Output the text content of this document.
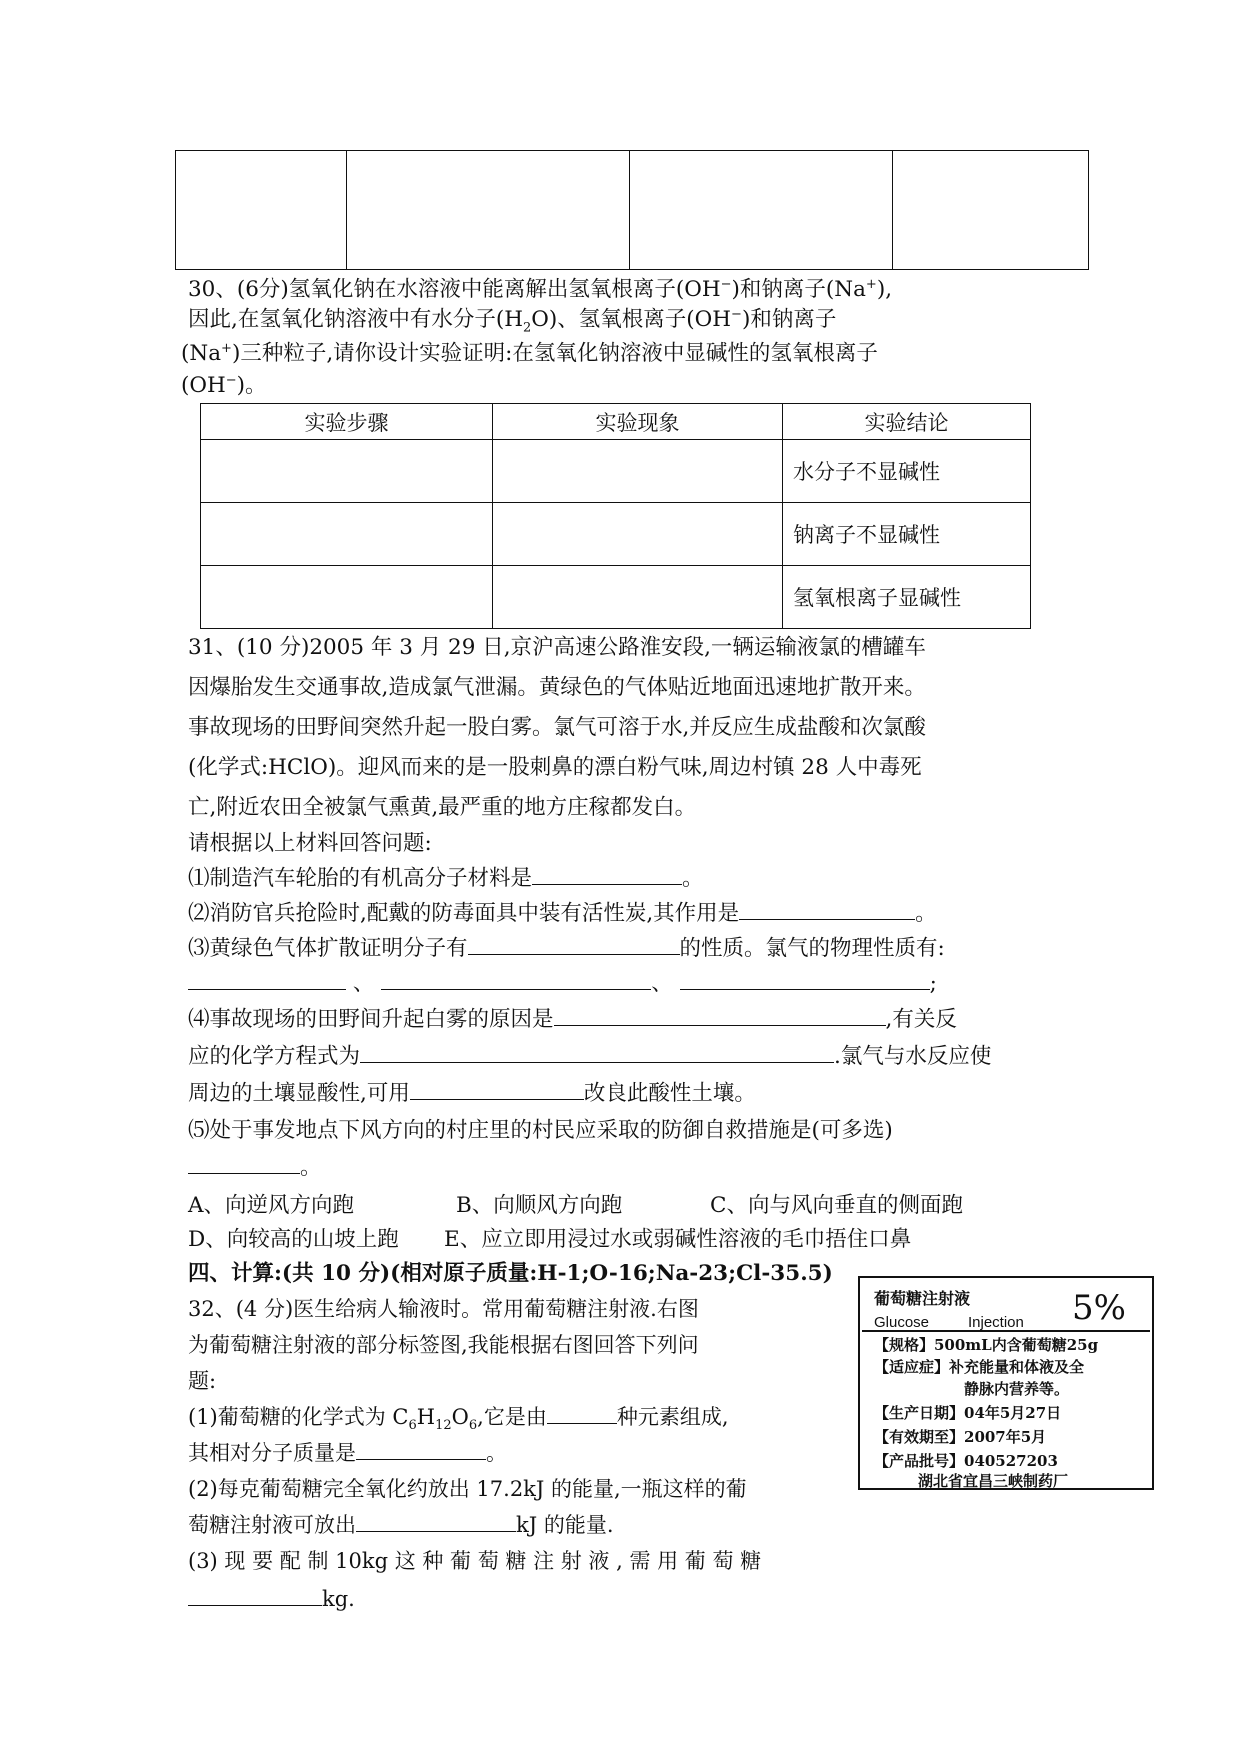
30、(6分)氢氧化钠在水溶液中能离解出氢氧根离子(OH−)和钠离子(Na+),
因此,在氢氧化钠溶液中有水分子$(H_2O)$、氢氧根离子(OH−)和钠离子
(Na+)三种粒子,请你设计实验证明:在氢氧化钠溶液中显碱性的氢氧根离子
(OH−)。
实验步骤	实验现象	实验结论
		水分子不显碱性
		钠离子不显碱性
		氢氧根离子显碱性
31、(10 分)2005 年 3 月 29 日,京沪高速公路淮安段,一辆运输液氯的槽罐车
因爆胎发生交通事故,造成氯气泄漏。黄绿色的气体贴近地面迅速地扩散开来。
事故现场的田野间突然升起一股白雾。氯气可溶于水,并反应生成盐酸和次氯酸
(化学式:HClO)。迎风而来的是一股刺鼻的漂白粉气味,周边村镇 28 人中毒死
亡,附近农田全被氯气熏黄,最严重的地方庄稼都发白。
请根据以上材料回答问题:
⑴制造汽车轮胎的有机高分子材料是	。
⑵消防官兵抢险时,配戴的防毒面具中装有活性炭,其作用是	。
⑶黄绿色气体扩散证明分子有	的性质。氯气的物理性质有:
、	、	;
⑷事故现场的田野间升起白雾的原因是	,有关反
应的化学方程式为	.氯气与水反应使
周边的土壤显酸性,可用	改良此酸性土壤。
⑸处于事发地点下风方向的村庄里的村民应采取的防御自救措施是(可多选)
。
A、向逆风方向跑	B、向顺风方向跑	C、向与风向垂直的侧面跑
D、向较高的山坡上跑 E、应立即用浸过水或弱碱性溶液的毛巾捂住口鼻
四、计算:(共 10 分)(相对原子质量:H-1;O-16;Na-23;Cl-35.5)
32、(4 分)医生给病人输液时。常用葡萄糖注射液.右图
为葡萄糖注射液的部分标签图,我能根据右图回答下列问
题:
(1)葡萄糖的化学式为 $C_6H_{12}O_6$,它是由	种元素组成,
其相对分子质量是	。
(2)每克葡萄糖完全氧化约放出 17.2kJ 的能量,一瓶这样的葡
萄糖注射液可放出	kJ 的能量.
(3) 现 要 配 制 10kg 这 种 葡 萄 糖 注 射 液 , 需 用 葡 萄 糖
kg.
葡萄糖注射液
Glucose	Injection 5%
【规格】500mL内含葡萄糖25g
【适应症】补充能量和体液及全
静脉内营养等。
【生产日期】04年5月27日
【有效期至】2007年5月
【产品批号】040527203
湖北省宜昌三峡制药厂
